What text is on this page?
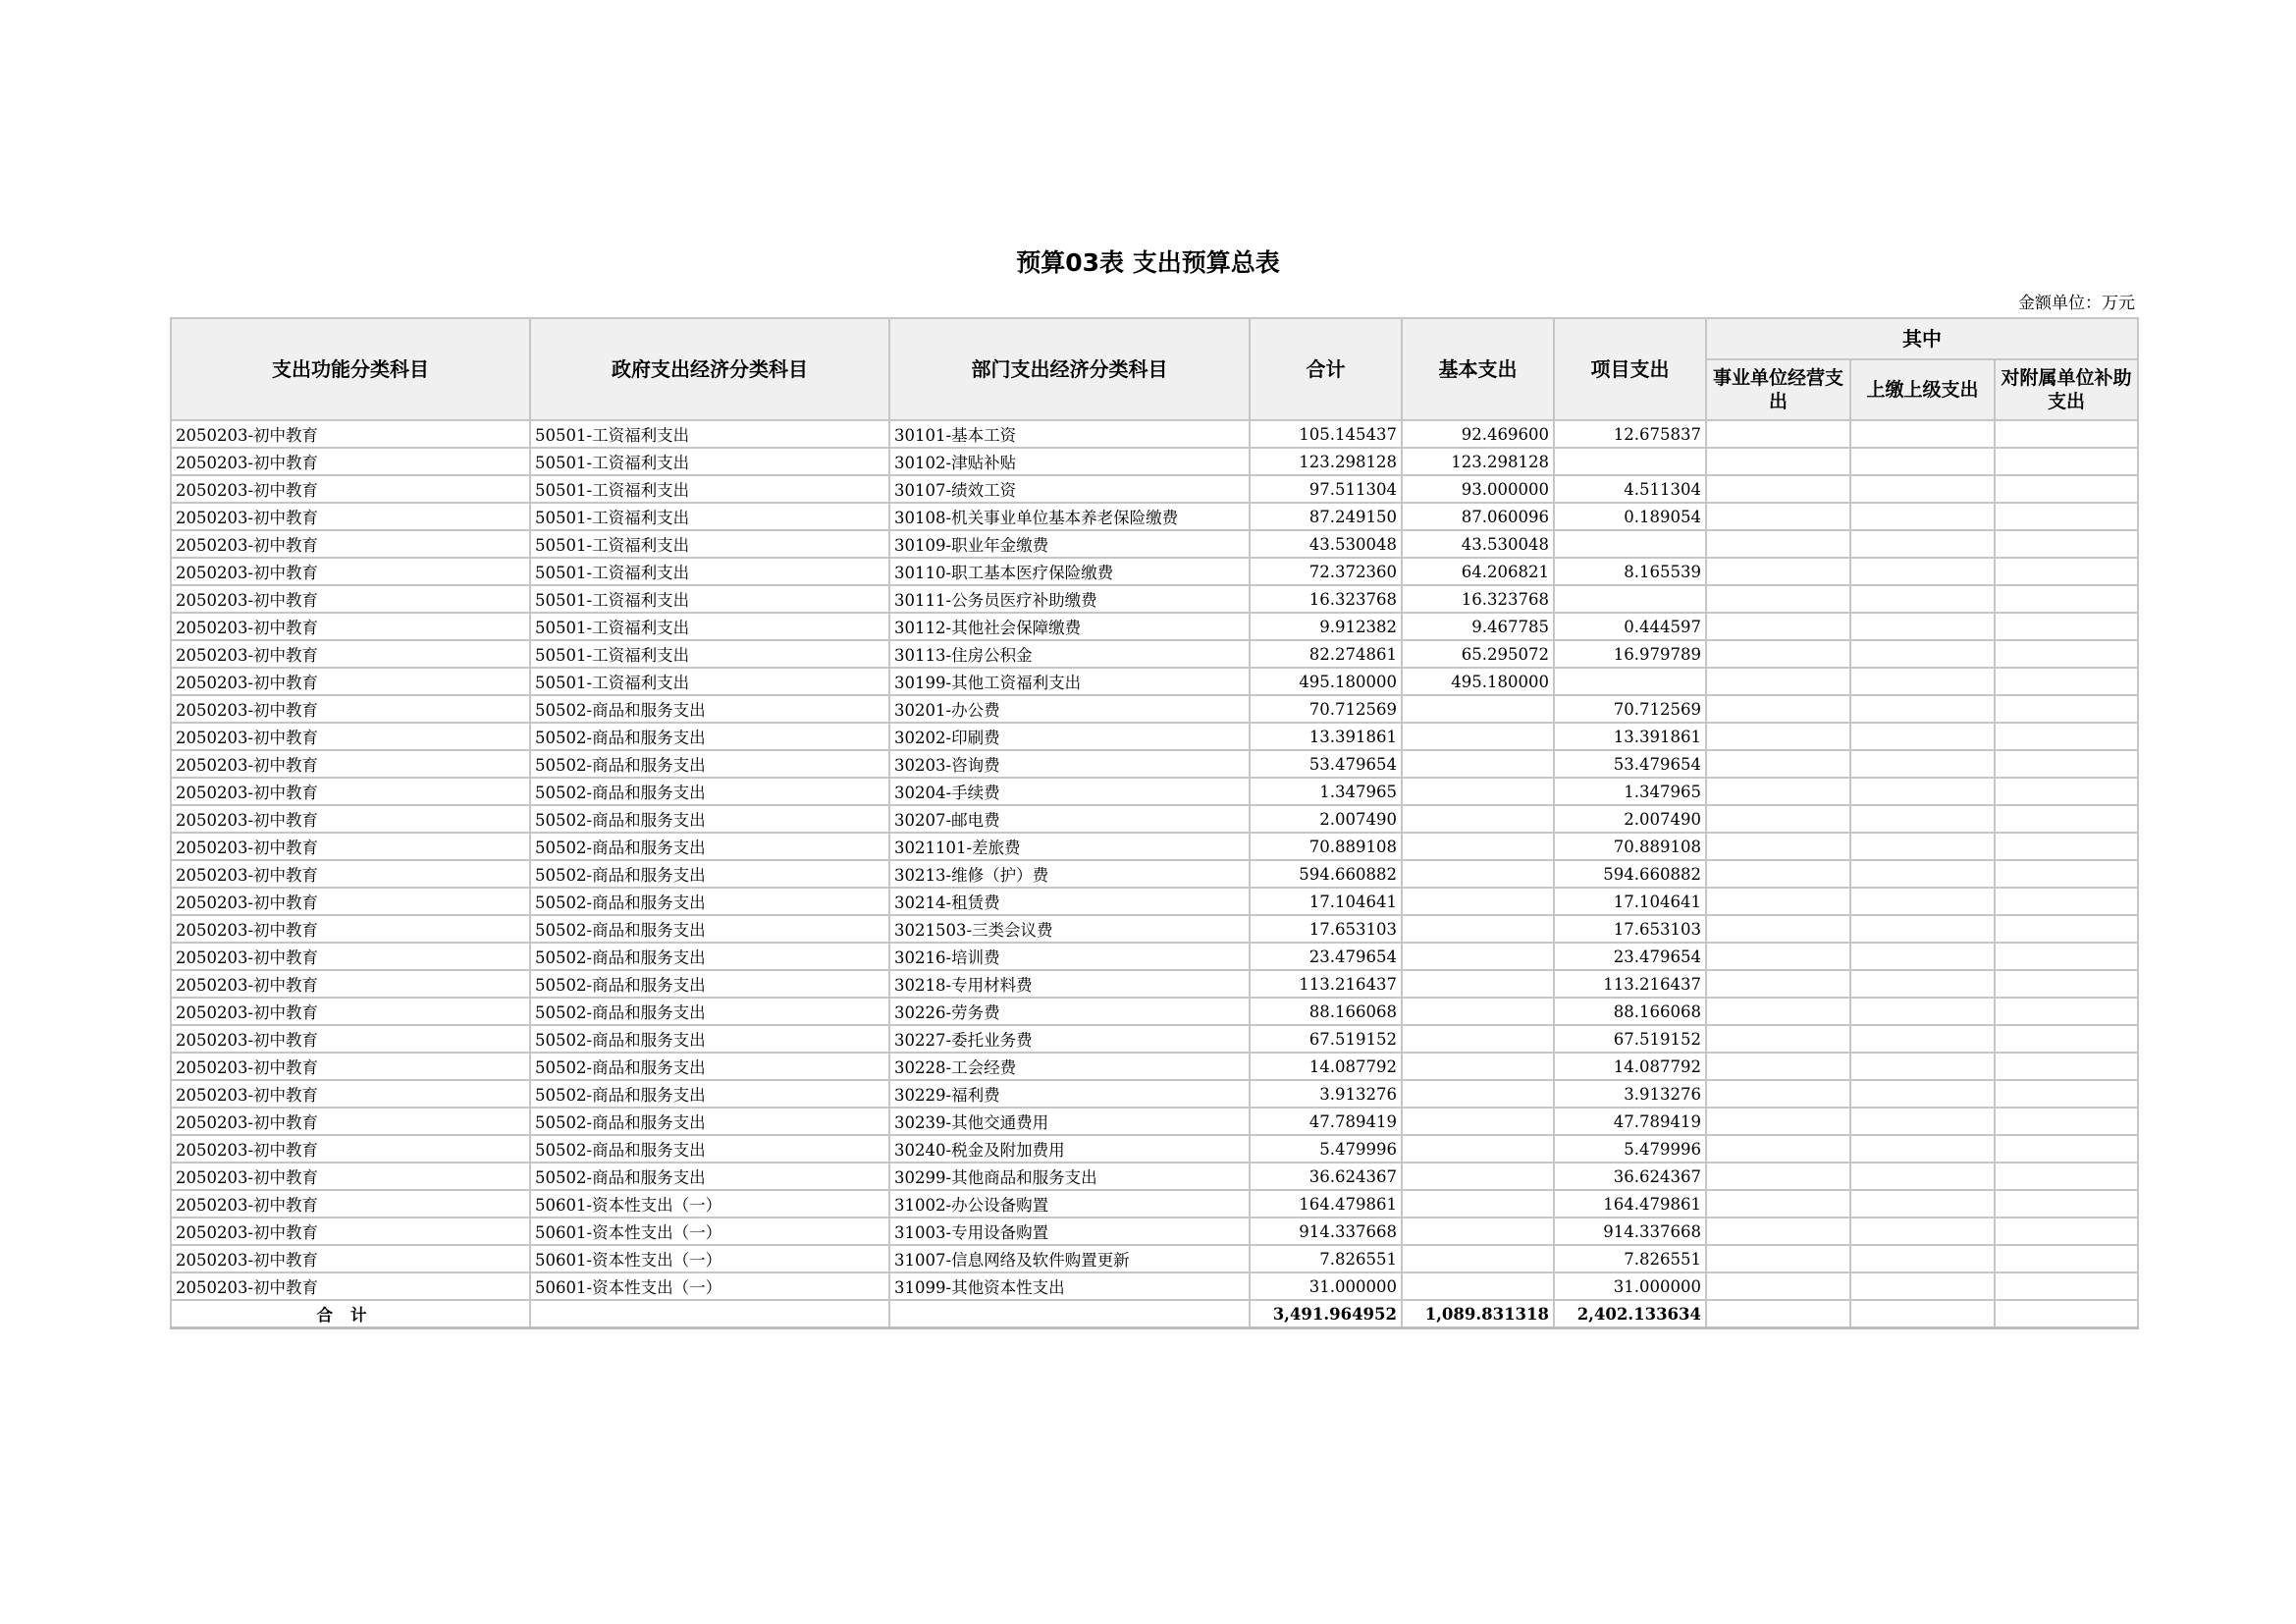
预算03表 支出预算总表
金额单位：万元
支出功能分类科目	政府支出经济分类科目	部门支出经济分类科目	合计	基本支出	项目支出	其中		
						事业单位经营支出	上缴上级支出	对附属单位补助支出
2050203-初中教育	50501-工资福利支出	30101-基本工资	105.145437	92.469600	12.675837			
2050203-初中教育	50501-工资福利支出	30102-津贴补贴	123.298128	123.298128				
2050203-初中教育	50501-工资福利支出	30107-绩效工资	97.511304	93.000000	4.511304			
2050203-初中教育	50501-工资福利支出	30108-机关事业单位基本养老保险缴费	87.249150	87.060096	0.189054			
2050203-初中教育	50501-工资福利支出	30109-职业年金缴费	43.530048	43.530048				
2050203-初中教育	50501-工资福利支出	30110-职工基本医疗保险缴费	72.372360	64.206821	8.165539			
2050203-初中教育	50501-工资福利支出	30111-公务员医疗补助缴费	16.323768	16.323768				
2050203-初中教育	50501-工资福利支出	30112-其他社会保障缴费	9.912382	9.467785	0.444597			
2050203-初中教育	50501-工资福利支出	30113-住房公积金	82.274861	65.295072	16.979789			
2050203-初中教育	50501-工资福利支出	30199-其他工资福利支出	495.180000	495.180000				
2050203-初中教育	50502-商品和服务支出	30201-办公费	70.712569		70.712569			
2050203-初中教育	50502-商品和服务支出	30202-印刷费	13.391861		13.391861			
2050203-初中教育	50502-商品和服务支出	30203-咨询费	53.479654		53.479654			
2050203-初中教育	50502-商品和服务支出	30204-手续费	1.347965		1.347965			
2050203-初中教育	50502-商品和服务支出	30207-邮电费	2.007490		2.007490			
2050203-初中教育	50502-商品和服务支出	3021101-差旅费	70.889108		70.889108			
2050203-初中教育	50502-商品和服务支出	30213-维修（护）费	594.660882		594.660882			
2050203-初中教育	50502-商品和服务支出	30214-租赁费	17.104641		17.104641			
2050203-初中教育	50502-商品和服务支出	3021503-三类会议费	17.653103		17.653103			
2050203-初中教育	50502-商品和服务支出	30216-培训费	23.479654		23.479654			
2050203-初中教育	50502-商品和服务支出	30218-专用材料费	113.216437		113.216437			
2050203-初中教育	50502-商品和服务支出	30226-劳务费	88.166068		88.166068			
2050203-初中教育	50502-商品和服务支出	30227-委托业务费	67.519152		67.519152			
2050203-初中教育	50502-商品和服务支出	30228-工会经费	14.087792		14.087792			
2050203-初中教育	50502-商品和服务支出	30229-福利费	3.913276		3.913276			
2050203-初中教育	50502-商品和服务支出	30239-其他交通费用	47.789419		47.789419			
2050203-初中教育	50502-商品和服务支出	30240-税金及附加费用	5.479996		5.479996			
2050203-初中教育	50502-商品和服务支出	30299-其他商品和服务支出	36.624367		36.624367			
2050203-初中教育	50601-资本性支出（一）	31002-办公设备购置	164.479861		164.479861			
2050203-初中教育	50601-资本性支出（一）	31003-专用设备购置	914.337668		914.337668			
2050203-初中教育	50601-资本性支出（一）	31007-信息网络及软件购置更新	7.826551		7.826551			
2050203-初中教育	50601-资本性支出（一）	31099-其他资本性支出	31.000000		31.000000			
合计			3,491.964952	1,089.831318	2,402.133634			
